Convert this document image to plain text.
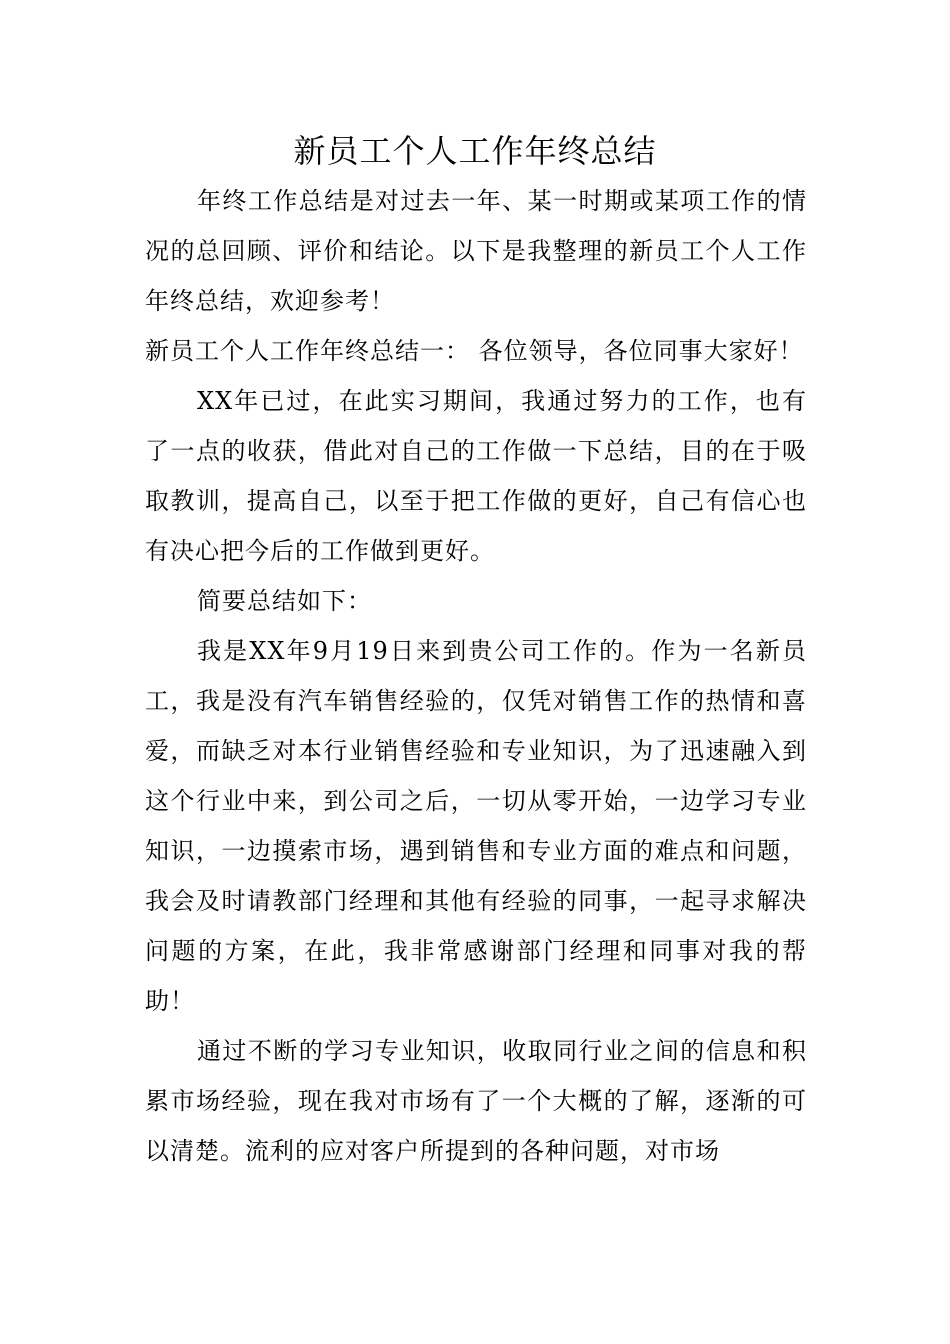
新员工个人工作年终总结

年终工作总结是对过去一年、某一时期或某项工作的情况的总回顾、评价和结论。以下是我整理的新员工个人工作年终总结，欢迎参考！

新员工个人工作年终总结一： 各位领导，各位同事大家好！

XX年已过，在此实习期间，我通过努力的工作，也有了一点的收获，借此对自己的工作做一下总结，目的在于吸取教训，提高自己，以至于把工作做的更好，自己有信心也有决心把今后的工作做到更好。

简要总结如下：

我是XX年9月19日来到贵公司工作的。作为一名新员工，我是没有汽车销售经验的，仅凭对销售工作的热情和喜爱，而缺乏对本行业销售经验和专业知识，为了迅速融入到这个行业中来，到公司之后，一切从零开始，一边学习专业知识，一边摸索市场，遇到销售和专业方面的难点和问题，我会及时请教部门经理和其他有经验的同事，一起寻求解决问题的方案，在此，我非常感谢部门经理和同事对我的帮助！

通过不断的学习专业知识，收取同行业之间的信息和积累市场经验，现在我对市场有了一个大概的了解，逐渐的可以清楚。流利的应对客户所提到的各种问题，对市场
